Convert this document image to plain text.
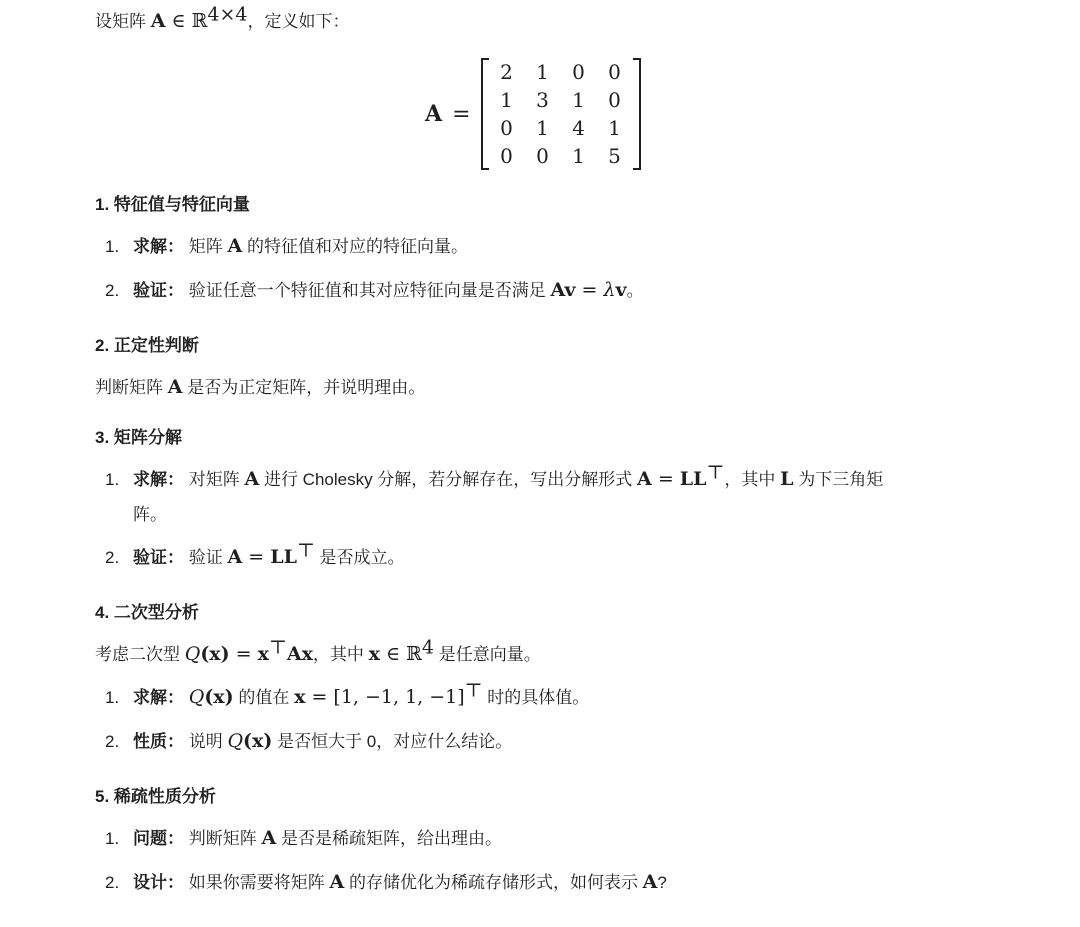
设矩阵 A ∈ ℝ$^{4\times 4}$，定义如下：
A =
2	1	0	0
1	3	1	0
0	1	4	1
0	0	1	5
1. 特征值与特征向量
1. 求解： 矩阵 A 的特征值和对应的特征向量。
2. 验证： 验证任意一个特征值和其对应特征向量是否满足 Av = λv。
2. 正定性判断
判断矩阵 A 是否为正定矩阵，并说明理由。
3. 矩阵分解
1. 求解： 对矩阵 A 进行 Cholesky 分解，若分解存在，写出分解形式 A = LL⊤，其中 L 为下三角矩
阵。
2. 验证： 验证 A = LL⊤ 是否成立。
4. 二次型分析
考虑二次型 Q(x) = x⊤Ax，其中 x ∈ ℝ$^4$ 是任意向量。
1. 求解： Q(x) 的值在 x = [1, −1, 1, −1]⊤ 时的具体值。
2. 性质： 说明 Q(x) 是否恒大于 0，对应什么结论。
5. 稀疏性质分析
1. 问题： 判断矩阵 A 是否是稀疏矩阵，给出理由。
2. 设计： 如果你需要将矩阵 A 的存储优化为稀疏存储形式，如何表示 A?
